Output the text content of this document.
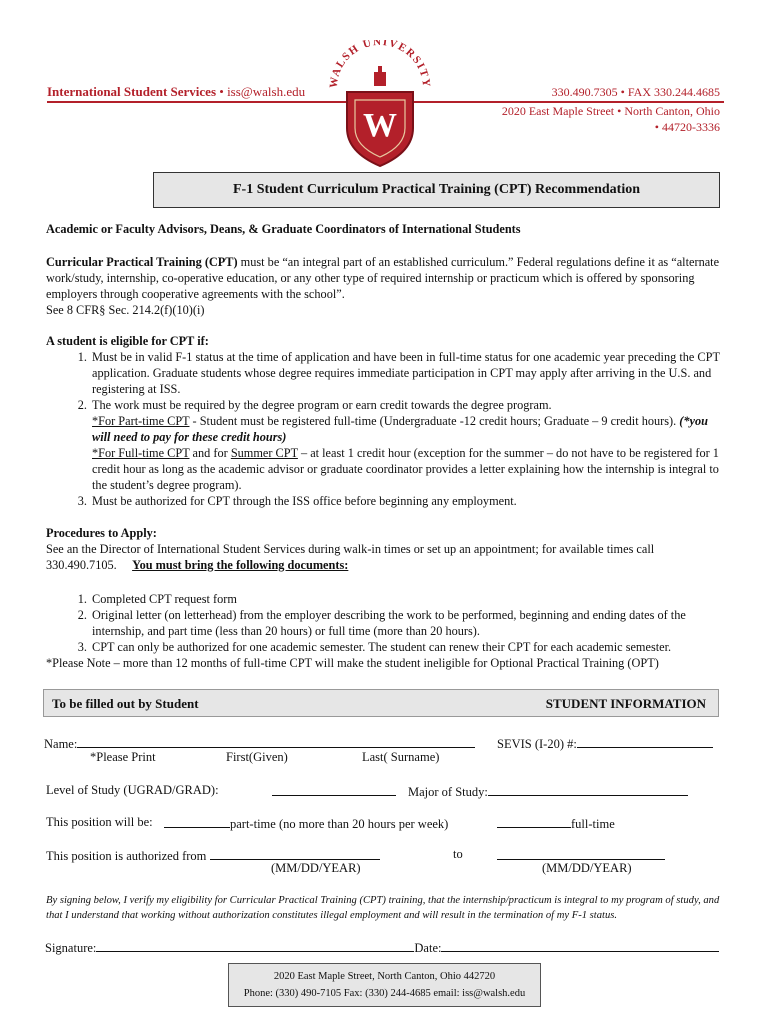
International Student Services • iss@walsh.edu	330.490.7305 • FAX 330.244.4685
2020 East Maple Street • North Canton, Ohio • 44720-3336
WALSH UNIVERSITY
W
F-1 Student Curriculum Practical Training (CPT) Recommendation
Academic or Faculty Advisors, Deans, & Graduate Coordinators of International Students
Curricular Practical Training (CPT) must be “an integral part of an established curriculum.” Federal regulations define it as “alternate work/study, internship, co-operative education, or any other type of required internship or practicum which is offered by sponsoring employers through cooperative agreements with the school”.
See 8 CFR§ Sec. 214.2(f)(10)(i)
A student is eligible for CPT if:
1. Must be in valid F-1 status at the time of application and have been in full-time status for one academic year preceding the CPT application. Graduate students whose degree requires immediate participation in CPT may apply after arriving in the U.S. and registering at ISS.
2. The work must be required by the degree program or earn credit towards the degree program.
*For Part-time CPT - Student must be registered full-time (Undergraduate -12 credit hours; Graduate – 9 credit hours). (*you will need to pay for these credit hours)
*For Full-time CPT and for Summer CPT – at least 1 credit hour (exception for the summer – do not have to be registered for 1 credit hour as long as the academic advisor or graduate coordinator provides a letter explaining how the internship is integral to the student’s degree program).
3. Must be authorized for CPT through the ISS office before beginning any employment.
Procedures to Apply:
See an the Director of International Student Services during walk-in times or set up an appointment; for available times call 330.490.7105. You must bring the following documents:
1. Completed CPT request form
2. Original letter (on letterhead) from the employer describing the work to be performed, beginning and ending dates of the internship, and part time (less than 20 hours) or full time (more than 20 hours).
3. CPT can only be authorized for one academic semester. The student can renew their CPT for each academic semester.
*Please Note – more than 12 months of full-time CPT will make the student ineligible for Optional Practical Training (OPT)
To be filled out by Student	STUDENT INFORMATION
Name:	SEVIS (I-20) #:
*Please Print	First(Given)	Last( Surname)
Level of Study (UGRAD/GRAD):	Major of Study:
This position will be:	part-time (no more than 20 hours per week)	full-time
This position is authorized from	to
(MM/DD/YEAR)	(MM/DD/YEAR)
By signing below, I verify my eligibility for Curricular Practical Training (CPT) training, that the internship/practicum is integral to my program of study, and that I understand that working without authorization constitutes illegal employment and will result in the termination of my F-1 status.
Signature:	Date:
2020 East Maple Street, North Canton, Ohio 442720
Phone: (330) 490-7105 Fax: (330) 244-4685 email: iss@walsh.edu
